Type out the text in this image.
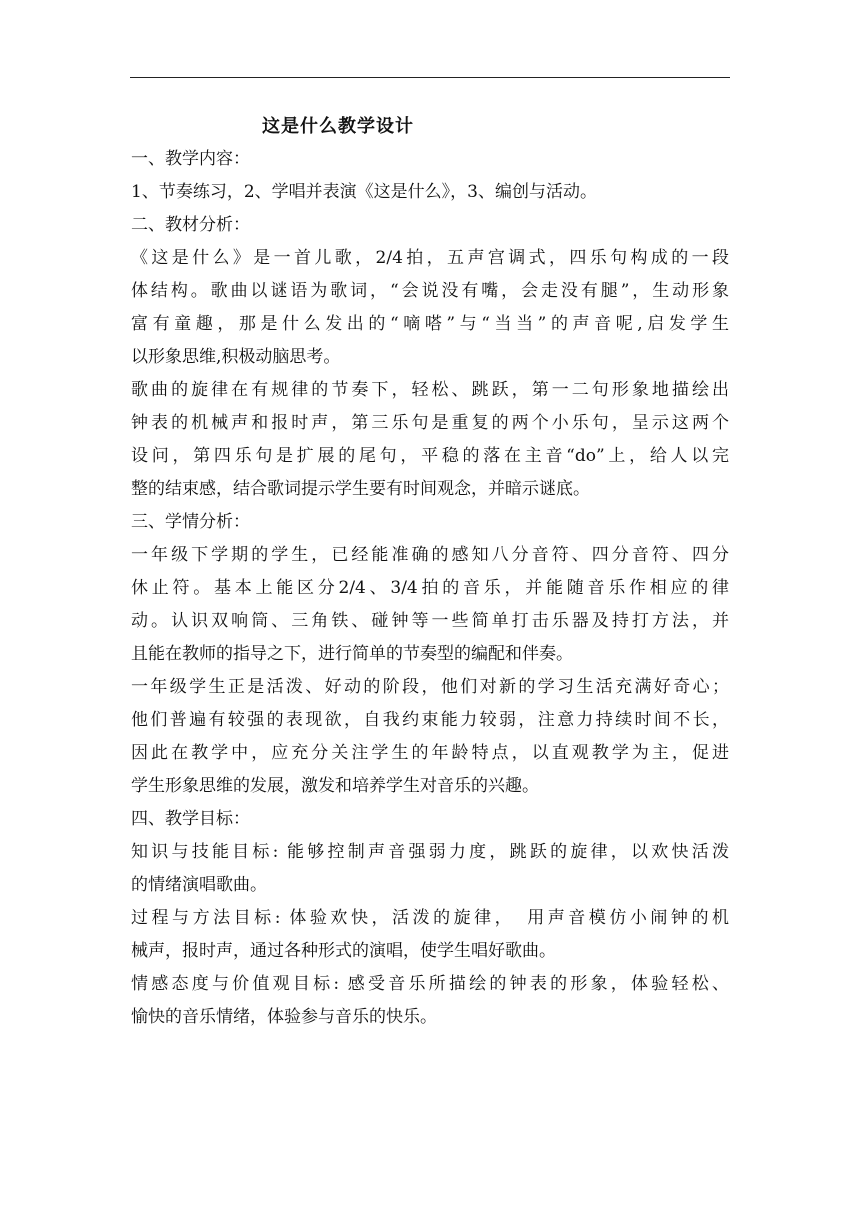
这是什么教学设计
一、教学内容：
1、节奏练习，2、学唱并表演《这是什么》，3、编创与活动。
二、教材分析：
《这是什么》是一首儿歌，2/4拍，五声宫调式，四乐句构成的一段
体结构。歌曲以谜语为歌词，“会说没有嘴，会走没有腿”，生动形象
富有童趣，那是什么发出的“嘀嗒”与“当当”的声音呢,启发学生
以形象思维,积极动脑思考。
歌曲的旋律在有规律的节奏下，轻松、跳跃，第一二句形象地描绘出
钟表的机械声和报时声，第三乐句是重复的两个小乐句，呈示这两个
设问，第四乐句是扩展的尾句，平稳的落在主音“do”上，给人以完
整的结束感，结合歌词提示学生要有时间观念，并暗示谜底。
三、学情分析：
一年级下学期的学生，已经能准确的感知八分音符、四分音符、四分
休止符。基本上能区分2/4、3/4拍的音乐，并能随音乐作相应的律
动。认识双响筒、三角铁、碰钟等一些简单打击乐器及持打方法，并
且能在教师的指导之下，进行简单的节奏型的编配和伴奏。
一年级学生正是活泼、好动的阶段，他们对新的学习生活充满好奇心；
他们普遍有较强的表现欲，自我约束能力较弱，注意力持续时间不长，
因此在教学中，应充分关注学生的年龄特点，以直观教学为主，促进
学生形象思维的发展，激发和培养学生对音乐的兴趣。
四、教学目标：
知识与技能目标: 能够控制声音强弱力度，跳跃的旋律，以欢快活泼
的情绪演唱歌曲。
过程与方法目标: 体验欢快，活泼的旋律，　用声音模仿小闹钟的机
械声，报时声，通过各种形式的演唱，使学生唱好歌曲。
情感态度与价值观目标: 感受音乐所描绘的钟表的形象，体验轻松、
愉快的音乐情绪，体验参与音乐的快乐。
